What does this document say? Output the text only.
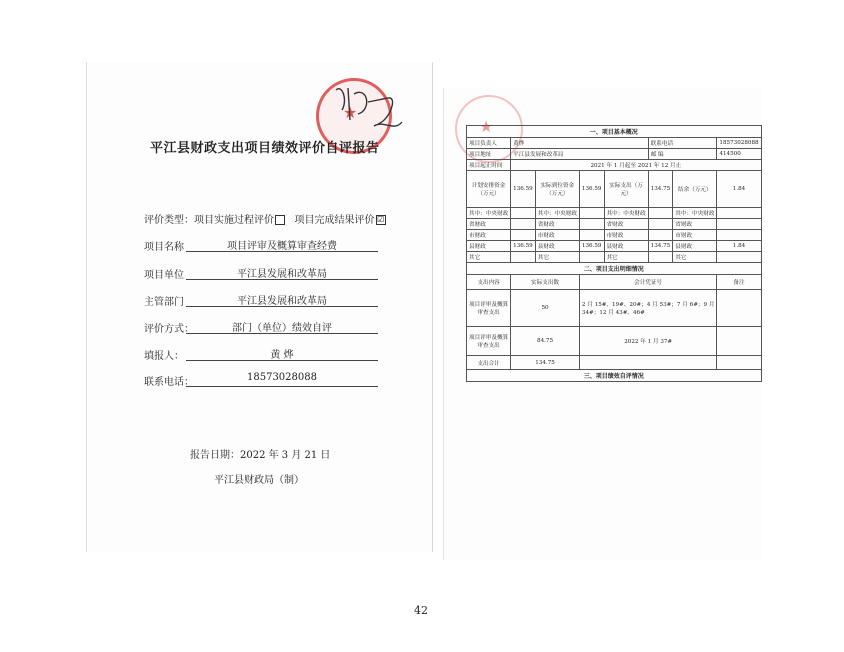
★
平江县财政支出项目绩效评价自评报告
评价类型：项目实施过程评价 项目完成结果评价 ☑
项目名称	项目评审及概算审查经费
项目单位	平江县发展和改革局
主管部门	平江县发展和改革局
评价方式：	部门（单位）绩效自评
填报人：	黄 烨
联系电话：	18573028088
报告日期：2022 年 3 月 21 日
平江县财政局（制）
★	一、项目基本概况							
项目负责人	黄烨				联系电话		18573028088
项目地址	平江县发展和改革局				邮 编		414500
项目起止时间	2021 年 1 月起至 2021 年 12 月止						
计划安排资金（万元）	136.59	实际到位资金（万元）	136.59	实际支出（万元）	134.75	结余（万元）	1.84
其中：中央财政		其中：中央财政		其中：中央财政		其中：中央财政	
省财政		省财政		省财政		省财政	
市财政		市财政		市财政		市财政	
县财政	136.59	县财政	136.59	县财政	134.75	县财政	1.84
其它		其它		其它		其它	
二、项目支出明细情况							
支出内容	实际支出数		会计凭证号				备注
项目评审及概算审查支出	50		2 月 15#、19#、20#；4 月 53#；7 月 6#；9 月 34#；12 月 43#、46#				
项目评审及概算审查支出	84.75		2022 年 1 月 37#				
支出合计	134.75						
三、项目绩效自评情况							
42
